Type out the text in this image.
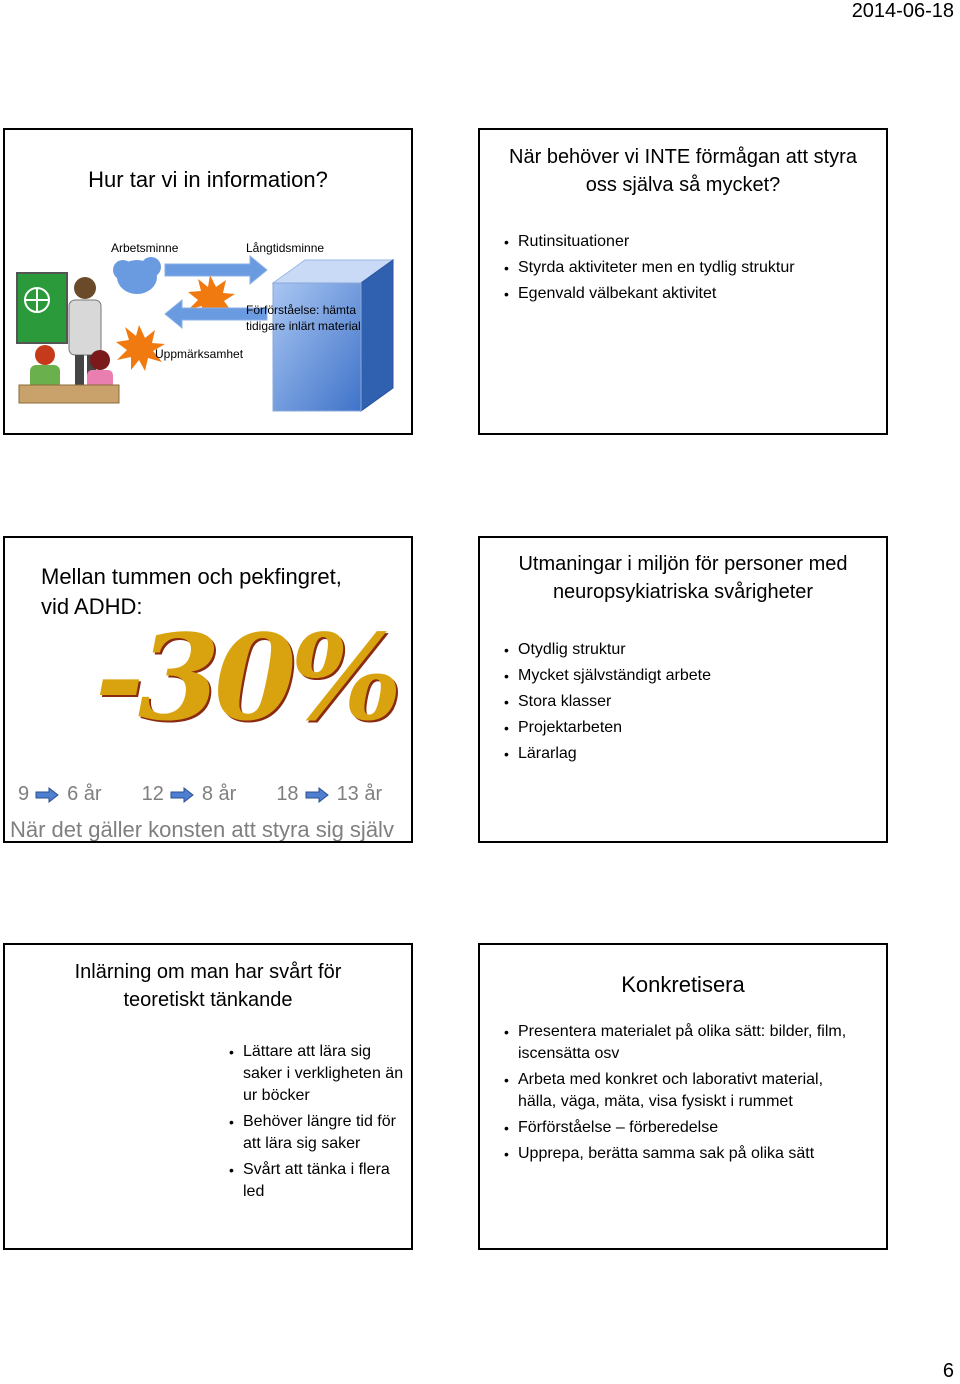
2014-06-18
Hur tar vi in information?
Arbetsminne	Långtidsminne
Förförståelse: hämta
tidigare inlärt material
Uppmärksamhet
När behöver vi INTE förmågan att styra
oss själva så mycket?
• Rutinsituationer
• Styrda aktiviteter men en tydlig struktur
• Egenvald välbekant aktivitet
Mellan tummen och pekfingret,
vid ADHD:
-30%
9 6 år 12 8 år 18 13 år
När det gäller konsten att styra sig själv
Utmaningar i miljön för personer med
neuropsykiatriska svårigheter
• Otydlig struktur
• Mycket självständigt arbete
• Stora klasser
• Projektarbeten
• Lärarlag
Inlärning om man har svårt för
teoretiskt tänkande
• Lättare att lära sig saker i verkligheten än ur böcker
• Behöver längre tid för att lära sig saker
• Svårt att tänka i flera led
Konkretisera
• Presentera materialet på olika sätt: bilder, film, iscensätta osv
• Arbeta med konkret och laborativt material, hälla, väga, mäta, visa fysiskt i rummet
• Förförståelse – förberedelse
• Upprepa, berätta samma sak på olika sätt
6
